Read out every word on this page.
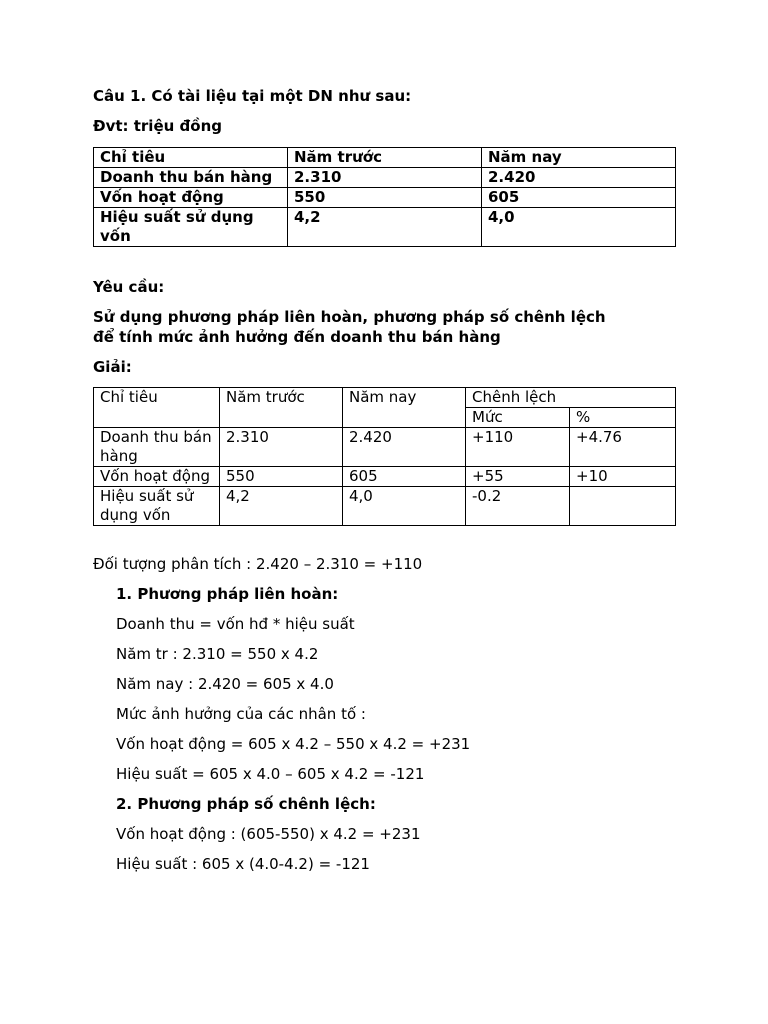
Câu 1. Có tài liệu tại một DN như sau:

Đvt: triệu đồng

Chỉ tiêu	Năm trước	Năm nay
Doanh thu bán hàng	2.310	2.420
Vốn hoạt động	550	605
Hiệu suất sử dụng vốn	4,2	4,0

Yêu cầu:

Sử dụng phương pháp liên hoàn, phương pháp số chênh lệch

để tính mức ảnh hưởng đến doanh thu bán hàng

Giải:

Chỉ tiêu	Năm trước	Năm nay	Chênh lệch	
			Mức	%
Doanh thu bán hàng	2.310	2.420	+110	+4.76
Vốn hoạt động	550	605	+55	+10
Hiệu suất sử dụng vốn	4,2	4,0	-0.2	

Đối tượng phân tích : 2.420 – 2.310 = +110

1. Phương pháp liên hoàn:

Doanh thu = vốn hđ * hiệu suất

Năm tr : 2.310 = 550 x 4.2

Năm nay : 2.420 = 605 x 4.0

Mức ảnh hưởng của các nhân tố :

Vốn hoạt động = 605 x 4.2 – 550 x 4.2 = +231

Hiệu suất = 605 x 4.0 – 605 x 4.2 = -121

2. Phương pháp số chênh lệch:

Vốn hoạt động : (605-550) x 4.2 = +231

Hiệu suất : 605 x (4.0-4.2) = -121
